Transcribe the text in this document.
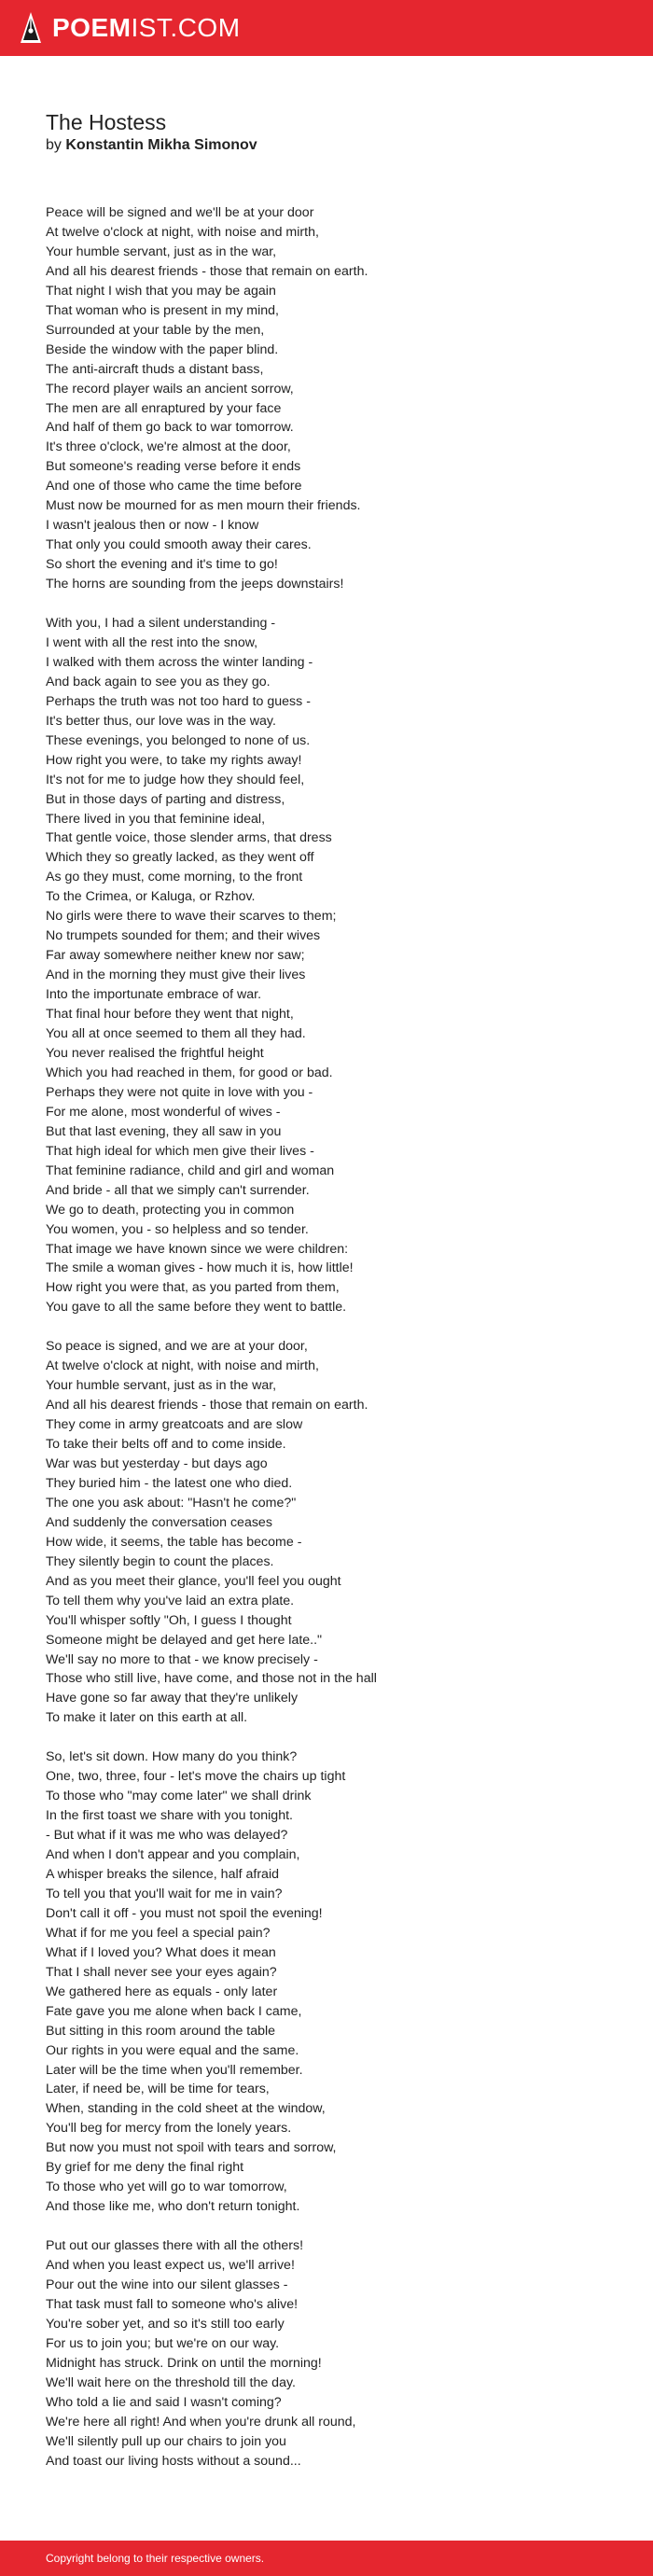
POEMIST.COM
The Hostess

by Konstantin Mikha Simonov

Peace will be signed and we'll be at your door
At twelve o'clock at night, with noise and mirth,
Your humble servant, just as in the war,
And all his dearest friends - those that remain on earth.
That night I wish that you may be again
That woman who is present in my mind,
Surrounded at your table by the men,
Beside the window with the paper blind.
The anti-aircraft thuds a distant bass,
The record player wails an ancient sorrow,
The men are all enraptured by your face
And half of them go back to war tomorrow.
It's three o'clock, we're almost at the door,
But someone's reading verse before it ends
And one of those who came the time before
Must now be mourned for as men mourn their friends.
I wasn't jealous then or now - I know
That only you could smooth away their cares.
So short the evening and it's time to go!
The horns are sounding from the jeeps downstairs!
With you, I had a silent understanding -
I went with all the rest into the snow,
I walked with them across the winter landing -
And back again to see you as they go.
Perhaps the truth was not too hard to guess -
It's better thus, our love was in the way.
These evenings, you belonged to none of us.
How right you were, to take my rights away!
It's not for me to judge how they should feel,
But in those days of parting and distress,
There lived in you that feminine ideal,
That gentle voice, those slender arms, that dress
Which they so greatly lacked, as they went off
As go they must, come morning, to the front
To the Crimea, or Kaluga, or Rzhov.
No girls were there to wave their scarves to them;
No trumpets sounded for them; and their wives
Far away somewhere neither knew nor saw;
And in the morning they must give their lives
Into the importunate embrace of war.
That final hour before they went that night,
You all at once seemed to them all they had.
You never realised the frightful height
Which you had reached in them, for good or bad.
Perhaps they were not quite in love with you -
For me alone, most wonderful of wives -
But that last evening, they all saw in you
That high ideal for which men give their lives -
That feminine radiance, child and girl and woman
And bride - all that we simply can't surrender.
We go to death, protecting you in common
You women, you - so helpless and so tender.
That image we have known since we were children:
The smile a woman gives - how much it is, how little!
How right you were that, as you parted from them,
You gave to all the same before they went to battle.
So peace is signed, and we are at your door,
At twelve o'clock at night, with noise and mirth,
Your humble servant, just as in the war,
And all his dearest friends - those that remain on earth.
They come in army greatcoats and are slow
To take their belts off and to come inside.
War was but yesterday - but days ago
They buried him - the latest one who died.
The one you ask about: "Hasn't he come?"
And suddenly the conversation ceases
How wide, it seems, the table has become -
They silently begin to count the places.
And as you meet their glance, you'll feel you ought
To tell them why you've laid an extra plate.
You'll whisper softly "Oh, I guess I thought
Someone might be delayed and get here late.."
We'll say no more to that - we know precisely -
Those who still live, have come, and those not in the hall
Have gone so far away that they're unlikely
To make it later on this earth at all.
So, let's sit down. How many do you think?
One, two, three, four - let's move the chairs up tight
To those who "may come later" we shall drink
In the first toast we share with you tonight.
- But what if it was me who was delayed?
And when I don't appear and you complain,
A whisper breaks the silence, half afraid
To tell you that you'll wait for me in vain?
Don't call it off - you must not spoil the evening!
What if for me you feel a special pain?
What if I loved you? What does it mean
That I shall never see your eyes again?
We gathered here as equals - only later
Fate gave you me alone when back I came,
But sitting in this room around the table
Our rights in you were equal and the same.
Later will be the time when you'll remember.
Later, if need be, will be time for tears,
When, standing in the cold sheet at the window,
You'll beg for mercy from the lonely years.
But now you must not spoil with tears and sorrow,
By grief for me deny the final right
To those who yet will go to war tomorrow,
And those like me, who don't return tonight.
Put out our glasses there with all the others!
And when you least expect us, we'll arrive!
Pour out the wine into our silent glasses -
That task must fall to someone who's alive!
You're sober yet, and so it's still too early
For us to join you; but we're on our way.
Midnight has struck. Drink on until the morning!
We'll wait here on the threshold till the day.
Who told a lie and said I wasn't coming?
We're here all right! And when you're drunk all round,
We'll silently pull up our chairs to join you
And toast our living hosts without a sound...
Copyright belong to their respective owners.
